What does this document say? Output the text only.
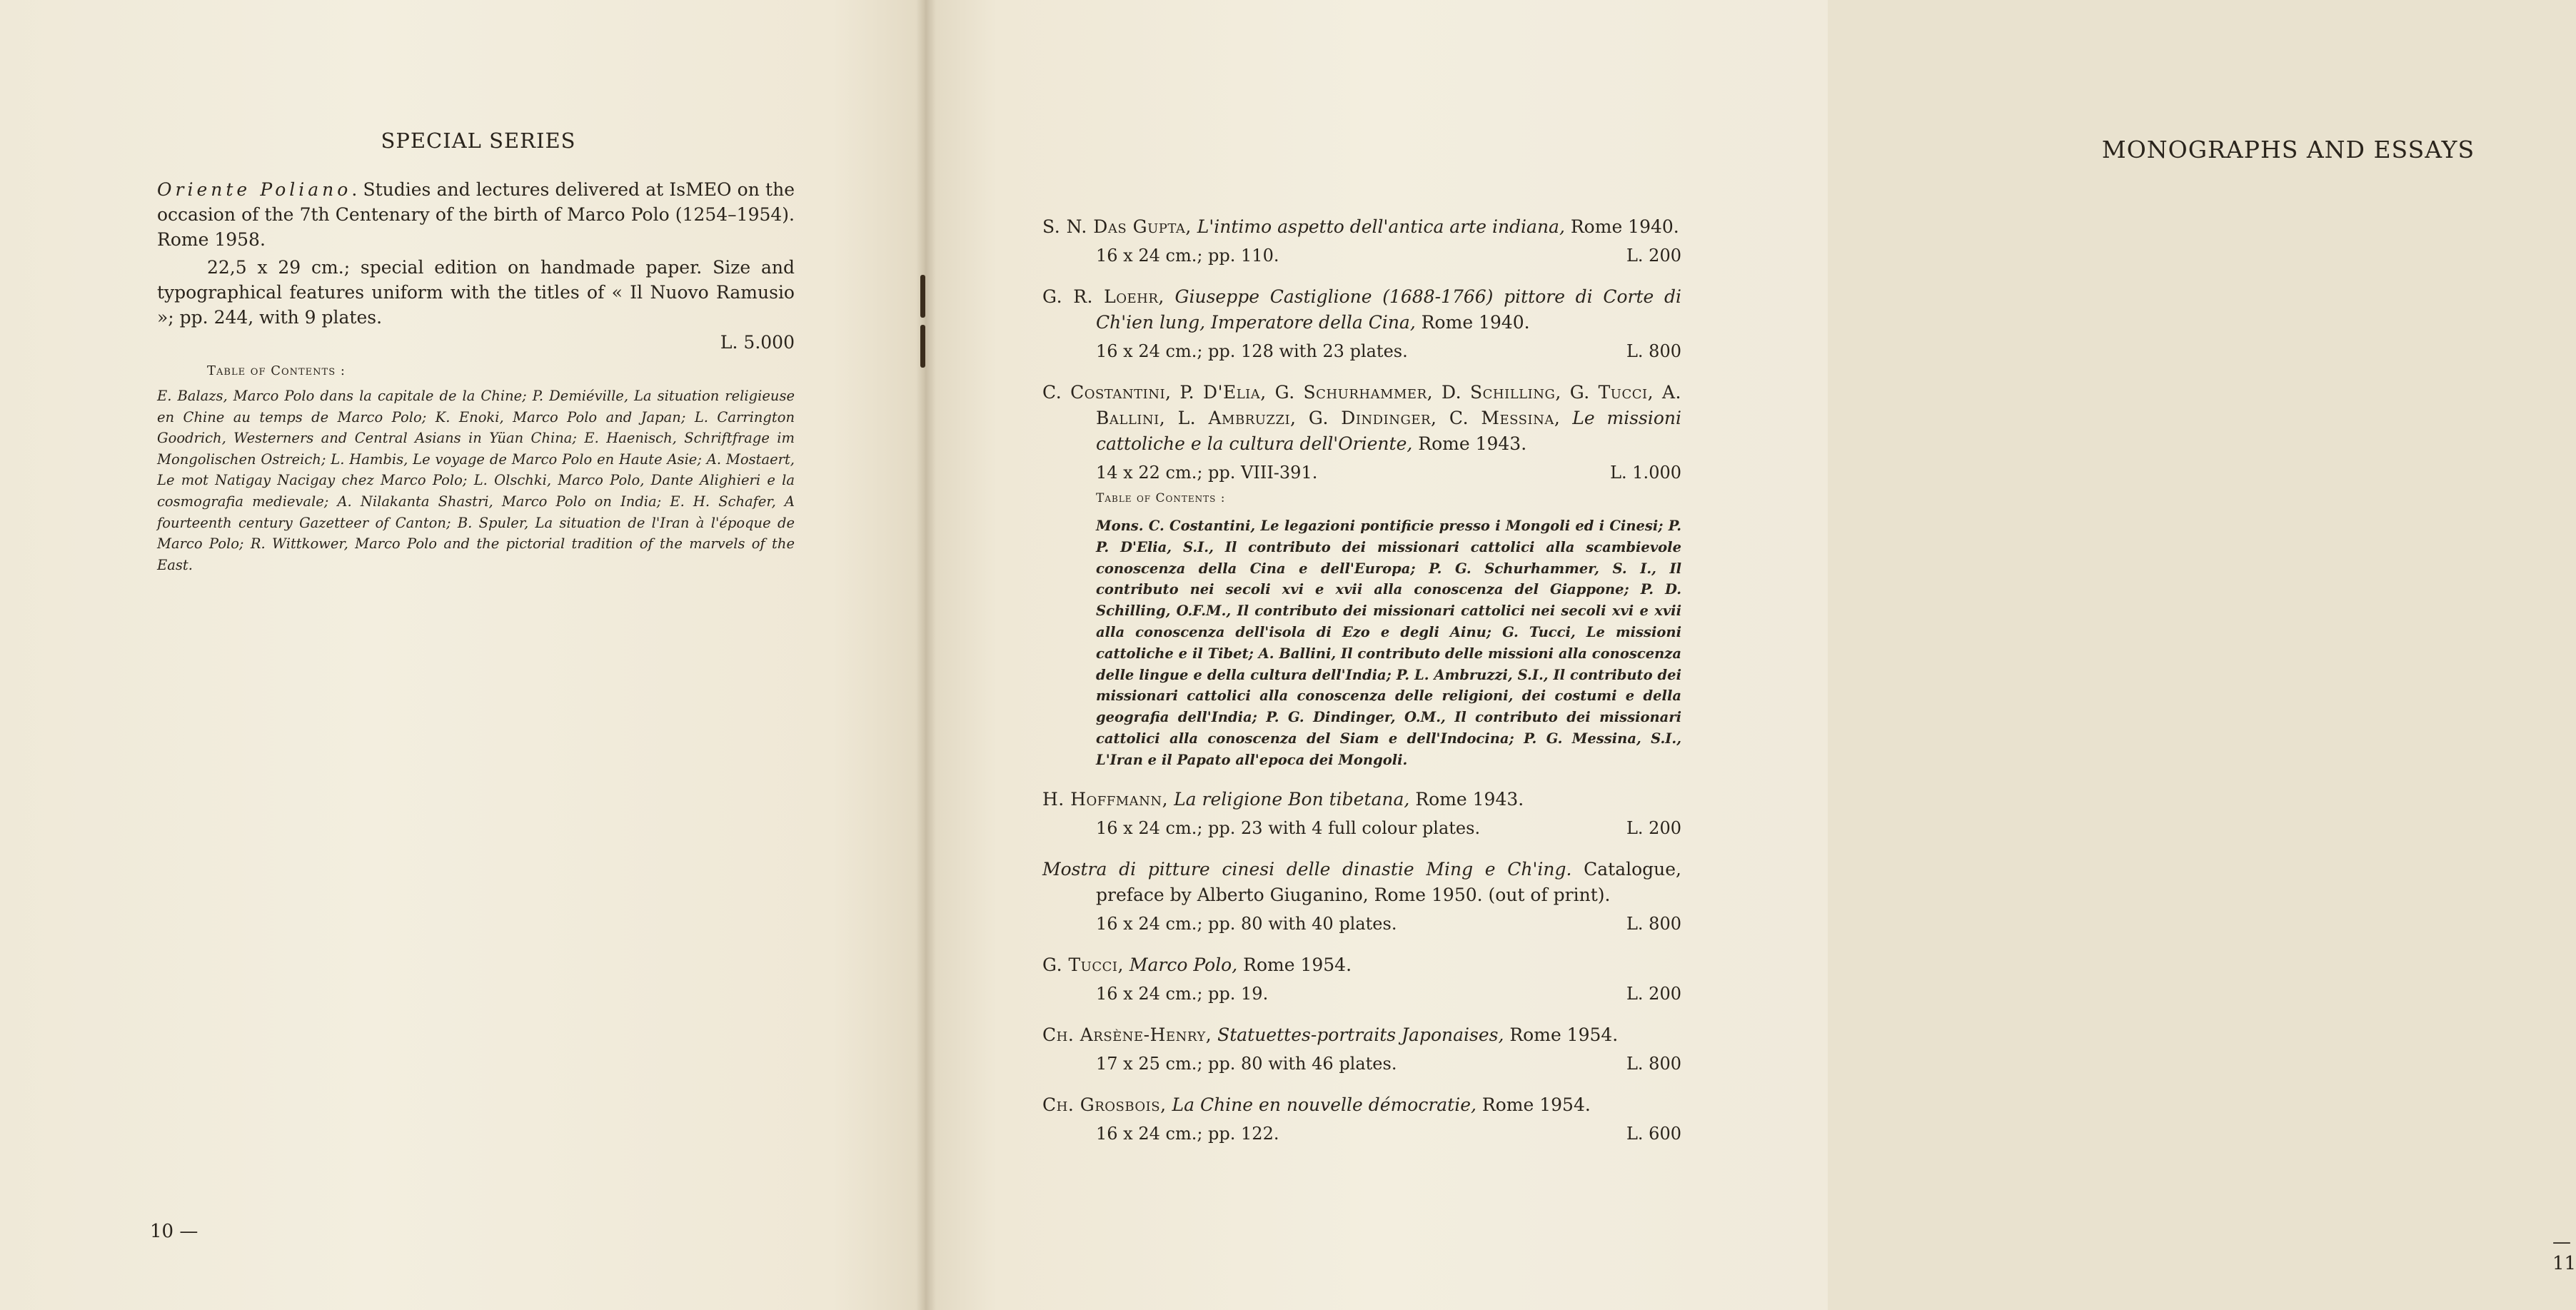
SPECIAL SERIES

Oriente Poliano. Studies and lectures delivered at IsMEO on the occasion of the 7th Centenary of the birth of Marco Polo (1254–1954). Rome 1958.

22,5 x 29 cm.; special edition on handmade paper. Size and typographical features uniform with the titles of « Il Nuovo Ramusio »; pp. 244, with 9 plates.

L. 5.000
Table of Contents :

E. Balazs, Marco Polo dans la capitale de la Chine; P. Demiéville, La situation religieuse en Chine au temps de Marco Polo; K. Enoki, Marco Polo and Japan; L. Carrington Goodrich, Westerners and Central Asians in Yüan China; E. Haenisch, Schriftfrage im Mongolischen Ostreich; L. Hambis, Le voyage de Marco Polo en Haute Asie; A. Mostaert, Le mot Natigay Nacigay chez Marco Polo; L. Olschki, Marco Polo, Dante Alighieri e la cosmografia medievale; A. Nilakanta Shastri, Marco Polo on India; E. H. Schafer, A fourteenth century Gazetteer of Canton; B. Spuler, La situation de l'Iran à l'époque de Marco Polo; R. Wittkower, Marco Polo and the pictorial tradition of the marvels of the East.

10 —
MONOGRAPHS AND ESSAYS
— 11

S. N. Das Gupta, L'intimo aspetto dell'antica arte indiana, Rome 1940.

16 x 24 cm.; pp. 110.	L. 200

G. R. Loehr, Giuseppe Castiglione (1688-1766) pittore di Corte di Ch'ien lung, Imperatore della Cina, Rome 1940.

16 x 24 cm.; pp. 128 with 23 plates.	L. 800

C. Costantini, P. D'Elia, G. Schurhammer, D. Schilling, G. Tucci, A. Ballini, L. Ambruzzi, G. Dindinger, C. Messina, Le missioni cattoliche e la cultura dell'Oriente, Rome 1943.

14 x 22 cm.; pp. VIII-391.	L. 1.000
Table of Contents :

Mons. C. Costantini, Le legazioni pontificie presso i Mongoli ed i Cinesi; P. P. D'Elia, S.I., Il contributo dei missionari cattolici alla scambievole conoscenza della Cina e dell'Europa; P. G. Schurhammer, S. I., Il contributo nei secoli xvi e xvii alla conoscenza del Giappone; P. D. Schilling, O.F.M., Il contributo dei missionari cattolici nei secoli xvi e xvii alla conoscenza dell'isola di Ezo e degli Ainu; G. Tucci, Le missioni cattoliche e il Tibet; A. Ballini, Il contributo delle missioni alla conoscenza delle lingue e della cultura dell'India; P. L. Ambruzzi, S.I., Il contributo dei missionari cattolici alla conoscenza delle religioni, dei costumi e della geografia dell'India; P. G. Dindinger, O.M., Il contributo dei missionari cattolici alla conoscenza del Siam e dell'Indocina; P. G. Messina, S.I., L'Iran e il Papato all'epoca dei Mongoli.

H. Hoffmann, La religione Bon tibetana, Rome 1943.

16 x 24 cm.; pp. 23 with 4 full colour plates.	L. 200

Mostra di pitture cinesi delle dinastie Ming e Ch'ing. Catalogue, preface by Alberto Giuganino, Rome 1950. (out of print).

16 x 24 cm.; pp. 80 with 40 plates.	L. 800

G. Tucci, Marco Polo, Rome 1954.

16 x 24 cm.; pp. 19.	L. 200

Ch. Arsène-Henry, Statuettes-portraits Japonaises, Rome 1954.

17 x 25 cm.; pp. 80 with 46 plates.	L. 800

Ch. Grosbois, La Chine en nouvelle démocratie, Rome 1954.

16 x 24 cm.; pp. 122.	L. 600
